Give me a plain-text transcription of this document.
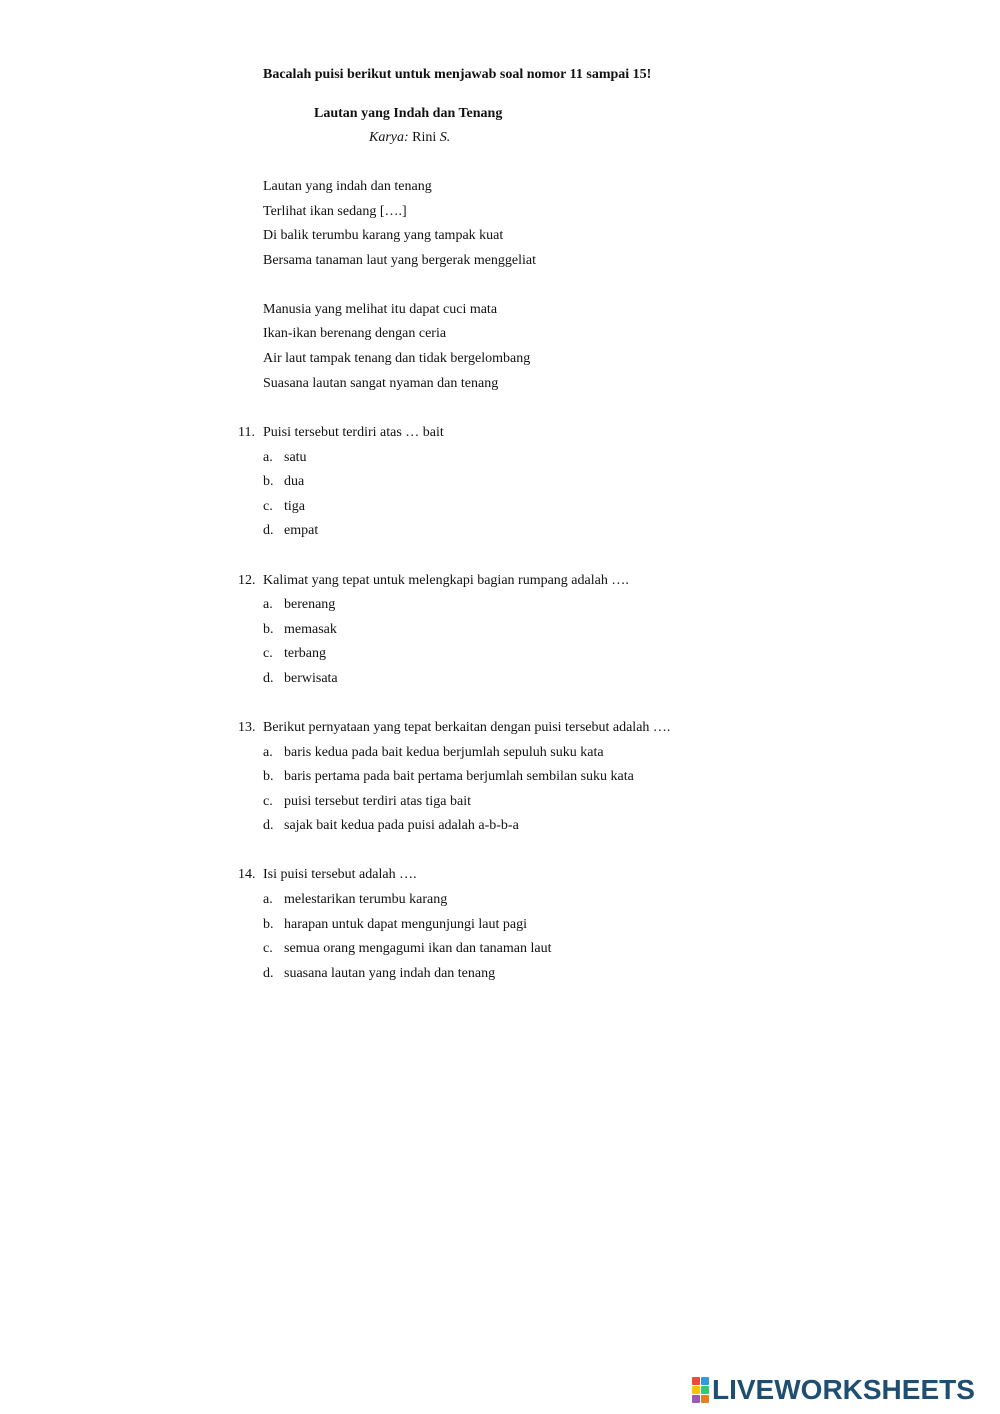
Bacalah puisi berikut untuk menjawab soal nomor 11 sampai 15!
Lautan yang Indah dan Tenang
Karya: Rini S.
Lautan yang indah dan tenang
Terlihat ikan sedang [….]
Di balik terumbu karang yang tampak kuat
Bersama tanaman laut yang bergerak menggeliat
Manusia yang melihat itu dapat cuci mata
Ikan-ikan berenang dengan ceria
Air laut tampak tenang dan tidak bergelombang
Suasana lautan sangat nyaman dan tenang
11. Puisi tersebut terdiri atas … bait
a. satu
b. dua
c. tiga
d. empat
12. Kalimat yang tepat untuk melengkapi bagian rumpang adalah ….
a. berenang
b. memasak
c. terbang
d. berwisata
13. Berikut pernyataan yang tepat berkaitan dengan puisi tersebut adalah ….
a. baris kedua pada bait kedua berjumlah sepuluh suku kata
b. baris pertama pada bait pertama berjumlah sembilan suku kata
c. puisi tersebut terdiri atas tiga bait
d. sajak bait kedua pada puisi adalah a-b-b-a
14. Isi puisi tersebut adalah ….
a. melestarikan terumbu karang
b. harapan untuk dapat mengunjungi laut pagi
c. semua orang mengagumi ikan dan tanaman laut
d. suasana lautan yang indah dan tenang
LIVEWORKSHEETS
